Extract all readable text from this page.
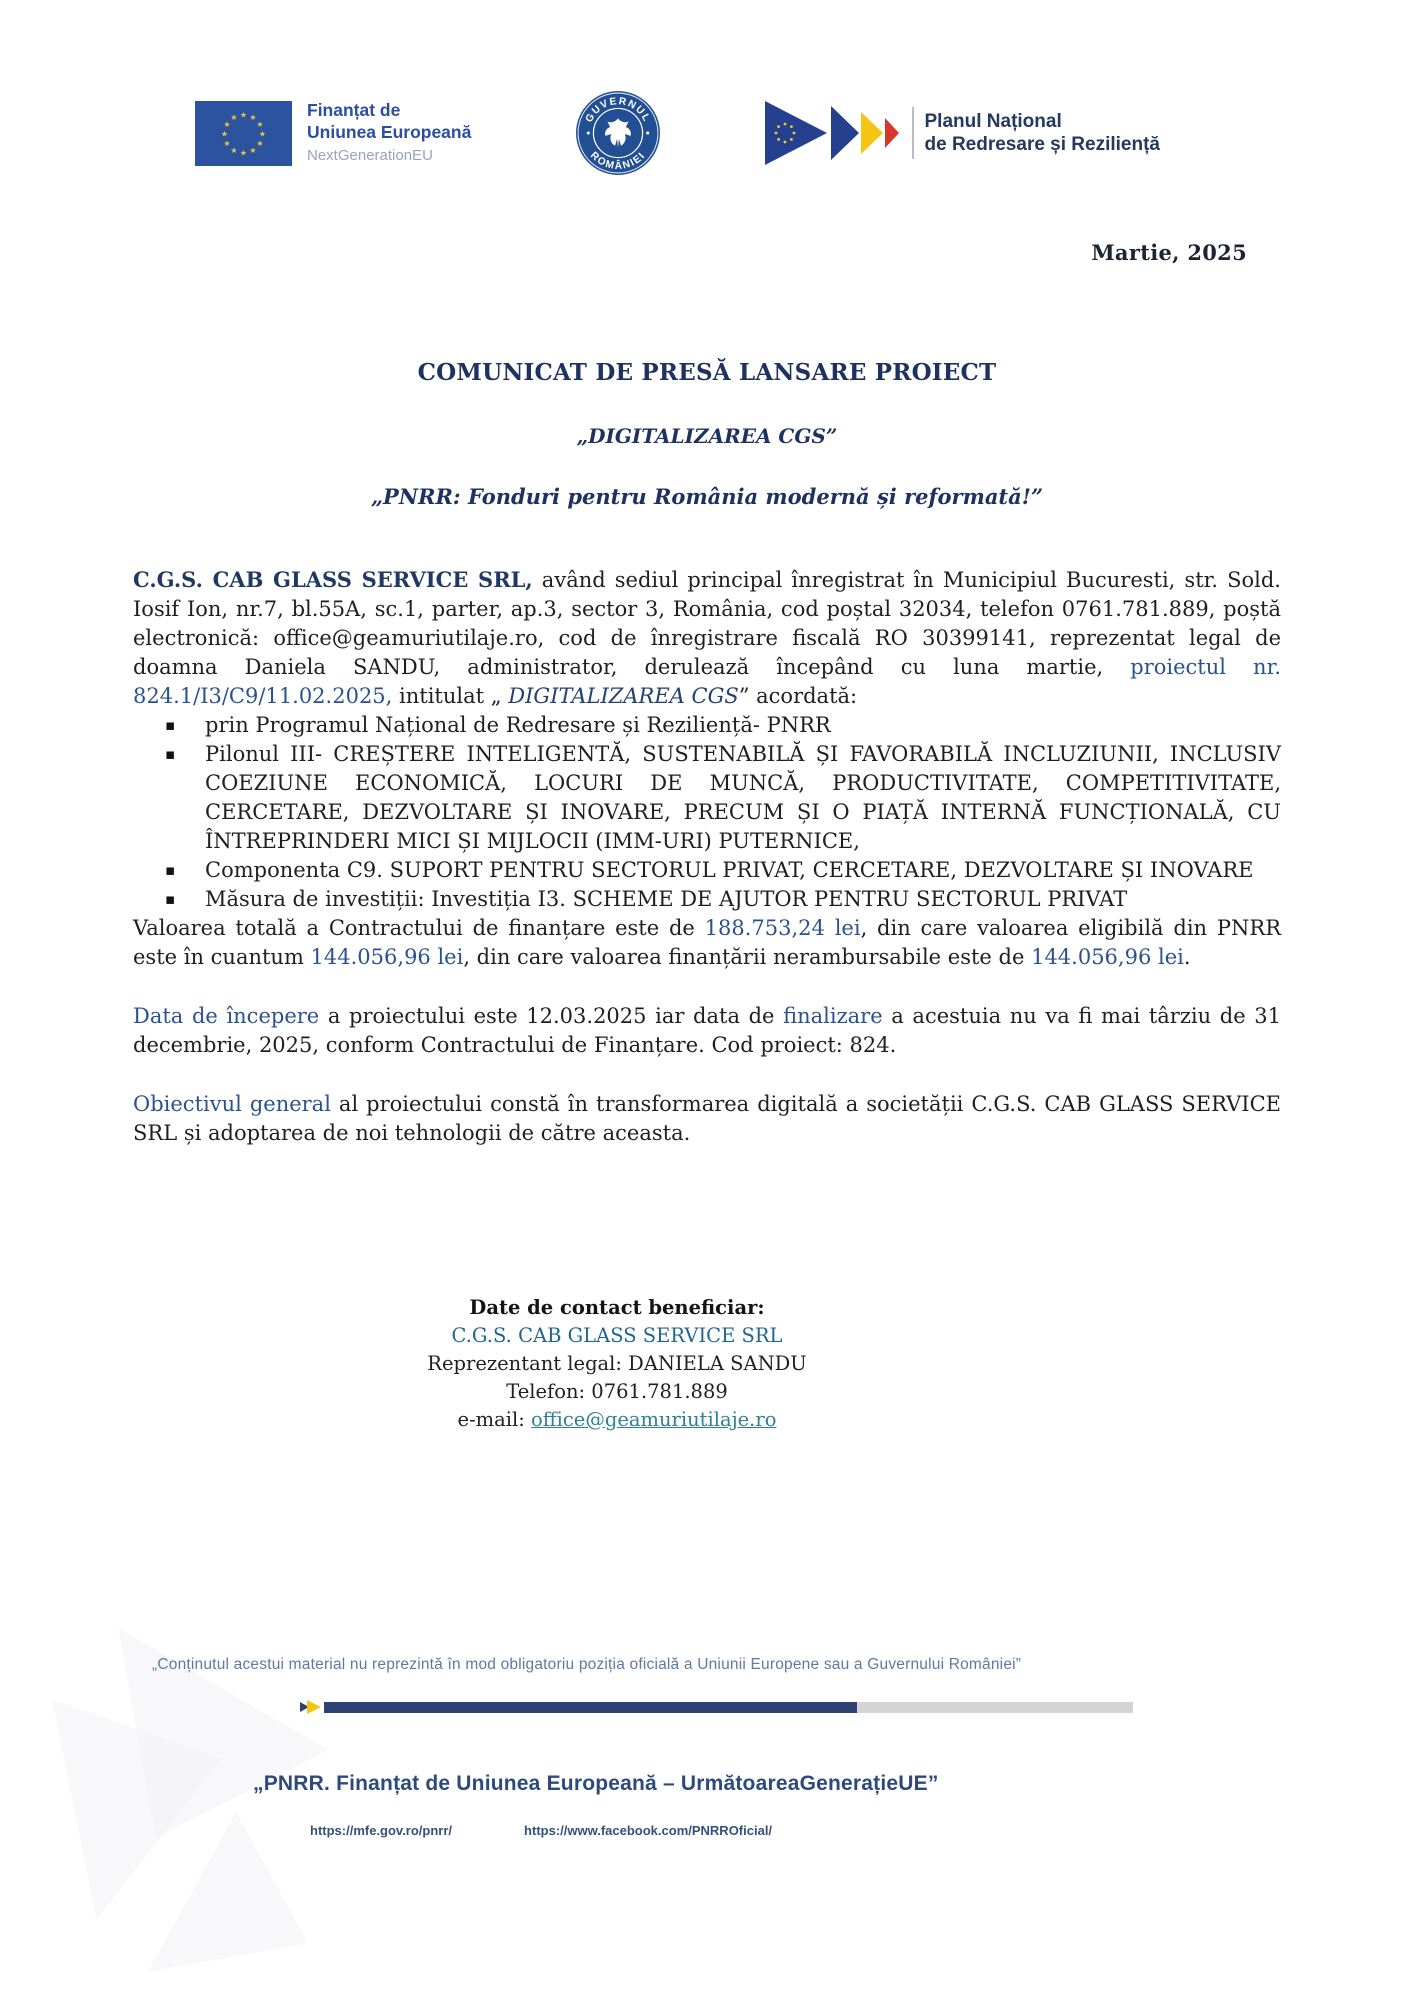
★ ★
★
★
★
★
★
★
★
★
★
★	Finanțat de
Uniunea Europeană
NextGenerationEU
GUVERNUL
ROMÂNIEI
Planul Național
de Redresare și Reziliență
Martie, 2025
COMUNICAT DE PRESĂ LANSARE PROIECT
„DIGITALIZAREA CGS”
„PNRR: Fonduri pentru România modernă și reformată!”

C.G.S. CAB GLASS SERVICE SRL, având sediul principal înregistrat în Municipiul Bucuresti, str. Sold. Iosif Ion, nr.7, bl.55A, sc.1, parter, ap.3, sector 3, România, cod poștal 32034, telefon 0761.781.889, poștă electronică: office@geamuriutilaje.ro, cod de înregistrare fiscală RO 30399141, reprezentat legal de doamna Daniela SANDU, administrator, derulează începând cu luna martie, proiectul nr. 824.1/I3/C9/11.02.2025, intitulat „ DIGITALIZAREA CGS” acordată:

▪ prin Programul Național de Redresare și Reziliență- PNRR
▪ Pilonul III- CREȘTERE INTELIGENTĂ, SUSTENABILĂ ȘI FAVORABILĂ INCLUZIUNII, INCLUSIV COEZIUNE ECONOMICĂ, LOCURI DE MUNCĂ, PRODUCTIVITATE, COMPETITIVITATE, CERCETARE, DEZVOLTARE ȘI INOVARE, PRECUM ȘI O PIAȚĂ INTERNĂ FUNCȚIONALĂ, CU ÎNTREPRINDERI MICI ȘI MIJLOCII (IMM-URI) PUTERNICE,
▪ Componenta C9. SUPORT PENTRU SECTORUL PRIVAT, CERCETARE, DEZVOLTARE ȘI INOVARE
▪ Măsura de investiții: Investiția I3. SCHEME DE AJUTOR PENTRU SECTORUL PRIVAT

Valoarea totală a Contractului de finanțare este de 188.753,24 lei, din care valoarea eligibilă din PNRR este în cuantum 144.056,96 lei, din care valoarea finanțării nerambursabile este de 144.056,96 lei.

Data de începere a proiectului este 12.03.2025 iar data de finalizare a acestuia nu va fi mai târziu de 31 decembrie, 2025, conform Contractului de Finanțare. Cod proiect: 824.

Obiectivul general al proiectului constă în transformarea digitală a societății C.G.S. CAB GLASS SERVICE SRL și adoptarea de noi tehnologii de către aceasta.

Date de contact beneficiar:
C.G.S. CAB GLASS SERVICE SRL
Reprezentant legal: DANIELA SANDU
Telefon: 0761.781.889
e-mail: office@geamuriutilaje.ro
„Conținutul acestui material nu reprezintă în mod obligatoriu poziția oficială a Uniunii Europene sau a Guvernului României”
„PNRR. Finanțat de Uniunea Europeană – UrmătoareaGenerațieUE”
https://mfe.gov.ro/pnrr/	https://www.facebook.com/PNRROficial/
